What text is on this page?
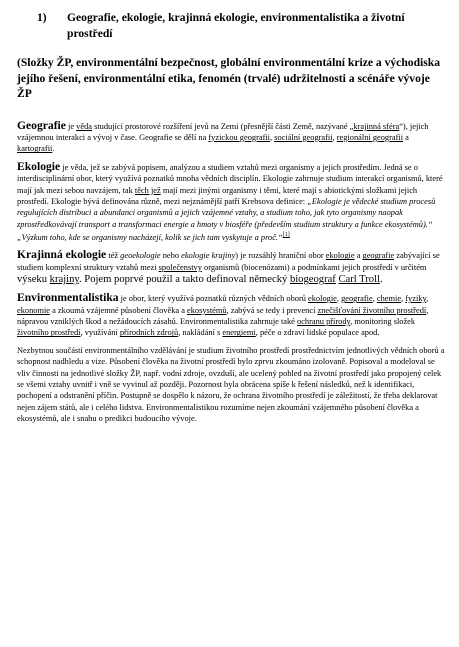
1)	Geografie, ekologie, krajinná ekologie, environmentalistika a životní prostředí
(Složky ŽP, environmentální bezpečnost, globální environmentální krize a východiska jejího řešení, environmentální etika, fenomén (trvalé) udržitelnosti a scénáře vývoje ŽP

Geografie je věda studující prostorové rozšíření jevů na Zemi (přesnější části Země, nazývané „krajinná sféra“), jejich vzájemnou interakci a vývoj v čase. Geografie se dělí na fyzickou geografii, sociální geografii, regionální geografii a kartografii.

Ekologie je věda, jež se zabývá popisem, analýzou a studiem vztahů mezi organismy a jejich prostředím. Jedná se o interdisciplinární obor, který využívá poznatků mnoha vědních disciplín. Ekologie zahrnuje studium interakcí organismů, které mají jak mezi sebou navzájem, tak těch jež mají mezi jinými organismy i těmi, které mají s abiotickými složkami jejich prostředí. Ekologie bývá definována různě, mezi nejznámější patří Krebsova definice: „Ekologie je vědecké studium procesů regulujících distribuci a abundanci organismů a jejich vzájemné vztahy, a studium toho, jak tyto organismy naopak zprostředkovávají transport a transformaci energie a hmoty v biosféře (především studium struktury a funkce ekosystémů).“ „Výzkum toho, kde se organismy nacházejí, kolik se jich tam vyskytuje a proč.“[1]

Krajinná ekologie též geoekologie nebo ekologie krajiny) je rozsáhlý hraniční obor ekologie a geografie zabývající se studiem komplexní struktury vztahů mezi společenstvy organismů (biocenózami) a podmínkami jejich prostředí v určitém výseku krajiny. Pojem poprvé použil a takto definoval německý biogeograf Carl Troll.

Environmentalistika je obor, který využívá poznatků různých vědních oborů ekologie, geografie, chemie, fyziky, ekonomie a zkoumá vzájemné působení člověka a ekosystémů, zabývá se tedy i prevencí znečišťování životního prostředí, nápravou vzniklých škod a nežádoucích zásahů. Environmentalistika zahrnuje také ochranu přírody, monitoring složek životního prostředí, využívání přírodních zdrojů, nakládání s energiemi, péče o zdraví lidské populace apod.

Nezbytnou součástí environmentálního vzdělávání je studium životního prostředí prostřednictvím jednotlivých vědních oborů a schopnost nadhledu a vize. Působení člověka na životní prostředí bylo zprvu zkoumáno izolovaně. Popisoval a modeloval se vliv činnosti na jednotlivé složky ŽP, např. vodní zdroje, ovzduší, ale ucelený pohled na životní prostředí jako propojený celek se všemi vztahy uvnitř i vně se vyvinul až později. Pozornost byla obrácena spíše k řešení následků, než k identifikaci, pochopení a odstranění příčin. Postupně se dospělo k názoru, že ochrana životního prostředí je záležitostí, že třeba deklarovat nejen zájem států, ale i celého lidstva. Environmentalistikou rozumíme nejen zkoumání vzájemného působení člověka a ekosystémů, ale i snahu o predikci budoucího vývoje.
